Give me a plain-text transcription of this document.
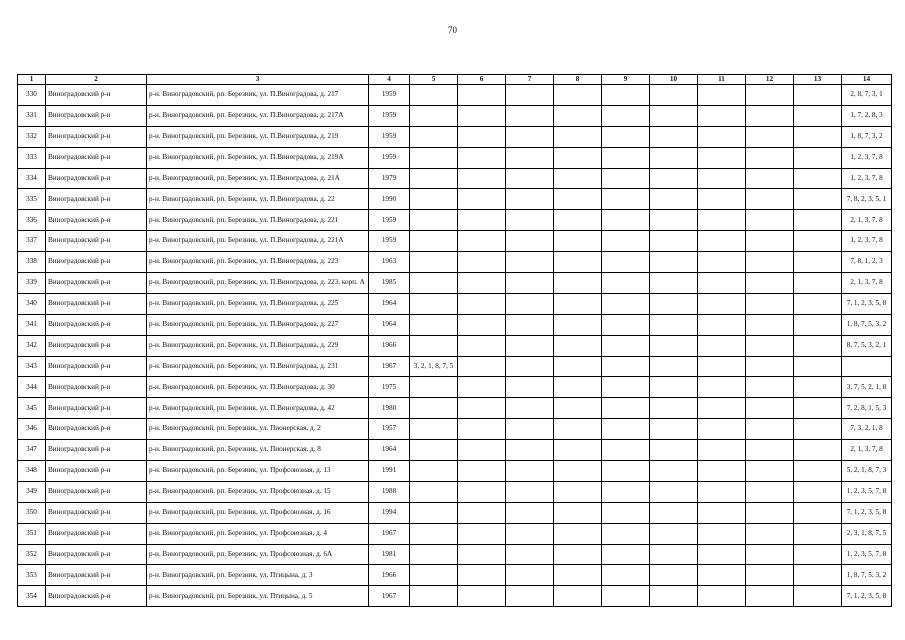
70
1	2	3	4	5	6	7	8	9	10	11	12	13	14
330	Виноградовский р-н	р-н. Виноградовский, рп. Березник, ул. П.Виноградова, д. 217	1959										2, 8, 7, 3, 1
331	Виноградовский р-н	р-н. Виноградовский, рп. Березник, ул. П.Виноградова, д. 217А	1959										1, 7, 2, 8, 3
332	Виноградовский р-н	р-н. Виноградовский, рп. Березник, ул. П.Виноградова, д. 219	1959										1, 8, 7, 3, 2
333	Виноградовский р-н	р-н. Виноградовский, рп. Березник, ул. П.Виноградова, д. 219А	1959										1, 2, 3, 7, 8
334	Виноградовский р-н	р-н. Виноградовский, рп. Березник, ул. П.Виноградова, д. 21А	1979										1, 2, 3, 7, 8
335	Виноградовский р-н	р-н. Виноградовский, рп. Березник, ул. П.Виноградова, д. 22	1990										7, 8, 2, 3, 5, 1
336	Виноградовский р-н	р-н. Виноградовский, рп. Березник, ул. П.Виноградова, д. 221	1959										2, 1, 3, 7, 8
337	Виноградовский р-н	р-н. Виноградовский, рп. Березник, ул. П.Виноградова, д. 221А	1959										1, 2, 3, 7, 8
338	Виноградовский р-н	р-н. Виноградовский, рп. Березник, ул. П.Виноградова, д. 223	1963										7, 8, 1, 2, 3
339	Виноградовский р-н	р-н. Виноградовский, рп. Березник, ул. П.Виноградова, д. 223, корп. А	1985										2, 1, 3, 7, 8
340	Виноградовский р-н	р-н. Виноградовский, рп. Березник, ул. П.Виноградова, д. 225	1964										7, 1, 2, 3, 5, 8
341	Виноградовский р-н	р-н. Виноградовский, рп. Березник, ул. П.Виноградова, д. 227	1964										1, 8, 7, 5, 3, 2
342	Виноградовский р-н	р-н. Виноградовский, рп. Березник, ул. П.Виноградова, д. 229	1966										8, 7, 5, 3, 2, 1
343	Виноградовский р-н	р-н. Виноградовский, рп. Березник, ул. П.Виноградова, д. 231	1967	3, 2, 1, 8, 7, 5									
344	Виноградовский р-н	р-н. Виноградовский, рп. Березник, ул. П.Виноградова, д. 30	1975										3, 7, 5, 2, 1, 8
345	Виноградовский р-н	р-н. Виноградовский, рп. Березник, ул. П.Виноградова, д. 42	1980										7, 2, 8, 1, 5, 3
346	Виноградовский р-н	р-н. Виноградовский, рп. Березник, ул. Пионерская, д. 2	1957										7, 3, 2, 1, 8
347	Виноградовский р-н	р-н. Виноградовский, рп. Березник, ул. Пионерская, д. 8	1964										2, 1, 3, 7, 8
348	Виноградовский р-н	р-н. Виноградовский, рп. Березник, ул. Профсоюзная, д. 13	1991										5, 2, 1, 8, 7, 3
349	Виноградовский р-н	р-н. Виноградовский, рп. Березник, ул. Профсоюзная, д. 15	1988										1, 2, 3, 5, 7, 8
350	Виноградовский р-н	р-н. Виноградовский, рп. Березник, ул. Профсоюзная, д. 16	1994										7, 1, 2, 3, 5, 8
351	Виноградовский р-н	р-н. Виноградовский, рп. Березник, ул. Профсоюзная, д. 4	1967										2, 3, 1, 8, 7, 5
352	Виноградовский р-н	р-н. Виноградовский, рп. Березник, ул. Профсоюзная, д. 6А	1981										1, 2, 3, 5, 7, 8
353	Виноградовский р-н	р-н. Виноградовский, рп. Березник, ул. Птицына, д. 3	1966										1, 8, 7, 5, 3, 2
354	Виноградовский р-н	р-н. Виноградовский, рп. Березник, ул. Птицына, д. 5	1967										7, 1, 2, 3, 5, 8
